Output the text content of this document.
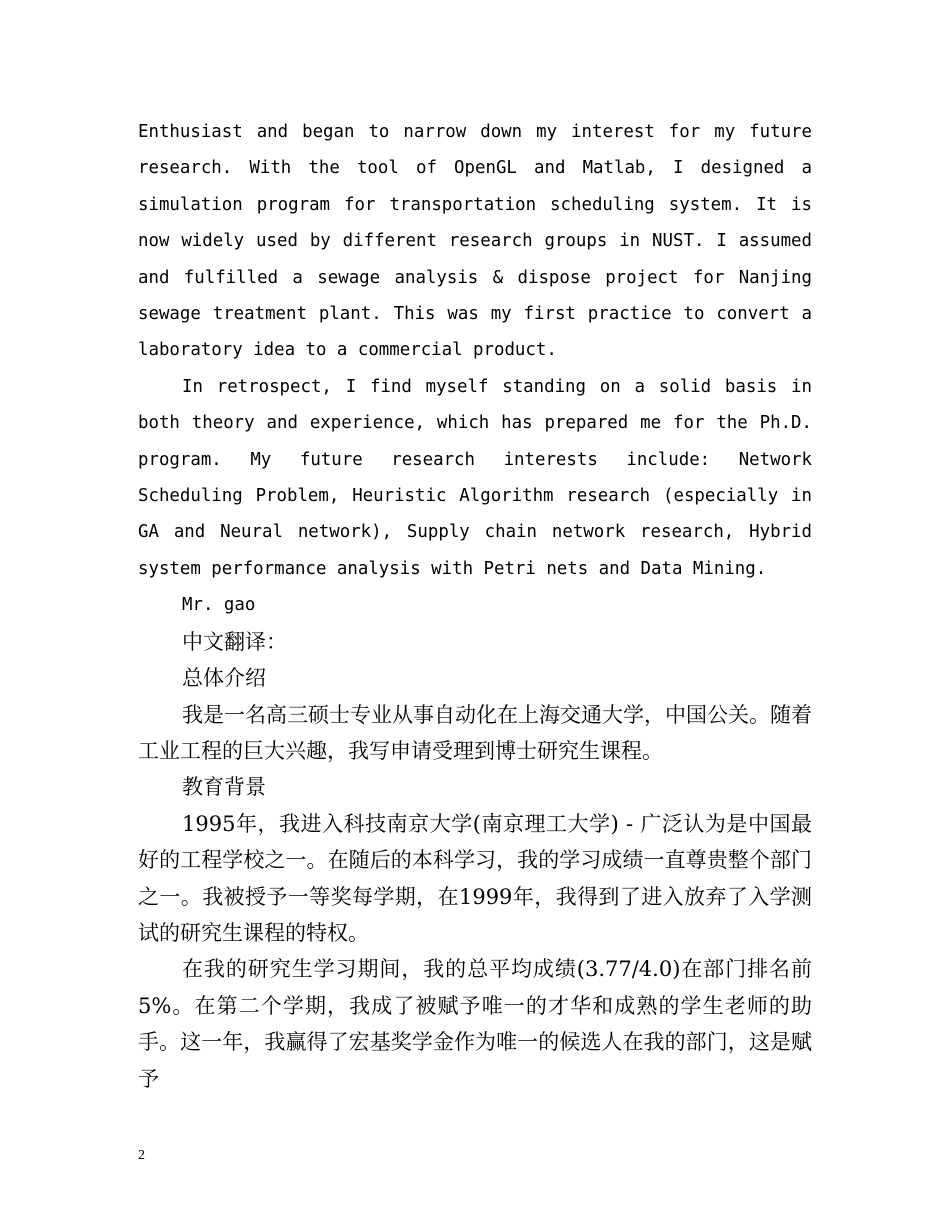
Enthusiast and began to narrow down my interest for my future research. With the tool of OpenGL and Matlab, I designed a simulation program for transportation scheduling system. It is now widely used by different research groups in NUST. I assumed and fulfilled a sewage analysis & dispose project for Nanjing sewage treatment plant. This was my first practice to convert a laboratory idea to a commercial product.

In retrospect, I find myself standing on a solid basis in both theory and experience, which has prepared me for the Ph.D. program. My future research interests include: Network Scheduling Problem, Heuristic Algorithm research (especially in GA and Neural network), Supply chain network research, Hybrid system performance analysis with Petri nets and Data Mining.

Mr. gao

中文翻译：

总体介绍

我是一名高三硕士专业从事自动化在上海交通大学，中国公关。随着工业工程的巨大兴趣，我写申请受理到博士研究生课程。

教育背景

1995年，我进入科技南京大学(南京理工大学) - 广泛认为是中国最好的工程学校之一。在随后的本科学习，我的学习成绩一直尊贵整个部门之一。我被授予一等奖每学期，在1999年，我得到了进入放弃了入学测试的研究生课程的特权。

在我的研究生学习期间，我的总平均成绩(3.77/4.0)在部门排名前5%。在第二个学期，我成了被赋予唯一的才华和成熟的学生老师的助手。这一年，我赢得了宏基奖学金作为唯一的候选人在我的部门，这是赋予

2
